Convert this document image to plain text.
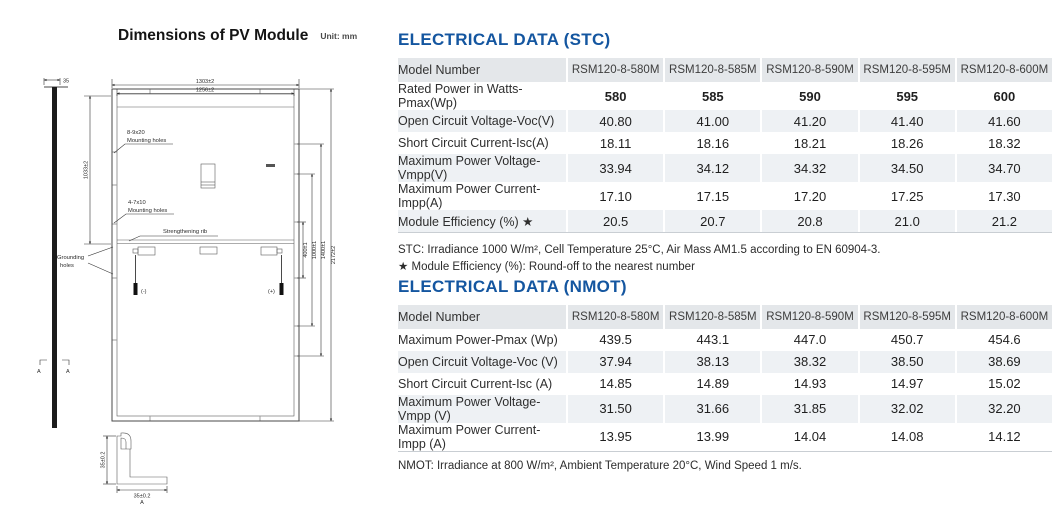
Dimensions of PV Module Unit: mm
35
A	A
Strengthening rib
(-)	(+)
8-9x20
Mounting holes
4-7x10
Mounting holes
Grounding
holes
1303±2
1256±2
1033±2
400±1 1000±1 1400±1 2172±2
35±0.2
35±0.2
A
ELECTRICAL DATA (STC)
Model Number	RSM120-8-580M	RSM120-8-585M	RSM120-8-590M	RSM120-8-595M	RSM120-8-600M
Rated Power in Watts-Pmax(Wp)	580	585	590	595	600
Open Circuit Voltage-Voc(V)	40.80	41.00	41.20	41.40	41.60
Short Circuit Current-Isc(A)	18.11	18.16	18.21	18.26	18.32
Maximum Power Voltage-Vmpp(V)	33.94	34.12	34.32	34.50	34.70
Maximum Power Current-Impp(A)	17.10	17.15	17.20	17.25	17.30
Module Efficiency (%) ★	20.5	20.7	20.8	21.0	21.2
STC: Irradiance 1000 W/m², Cell Temperature 25°C, Air Mass AM1.5 according to EN 60904-3.
★ Module Efficiency (%): Round-off to the nearest number
ELECTRICAL DATA (NMOT)
Model Number	RSM120-8-580M	RSM120-8-585M	RSM120-8-590M	RSM120-8-595M	RSM120-8-600M
Maximum Power-Pmax (Wp)	439.5	443.1	447.0	450.7	454.6
Open Circuit Voltage-Voc (V)	37.94	38.13	38.32	38.50	38.69
Short Circuit Current-Isc (A)	14.85	14.89	14.93	14.97	15.02
Maximum Power Voltage-Vmpp (V)	31.50	31.66	31.85	32.02	32.20
Maximum Power Current-Impp (A)	13.95	13.99	14.04	14.08	14.12
NMOT: Irradiance at 800 W/m², Ambient Temperature 20°C, Wind Speed 1 m/s.
